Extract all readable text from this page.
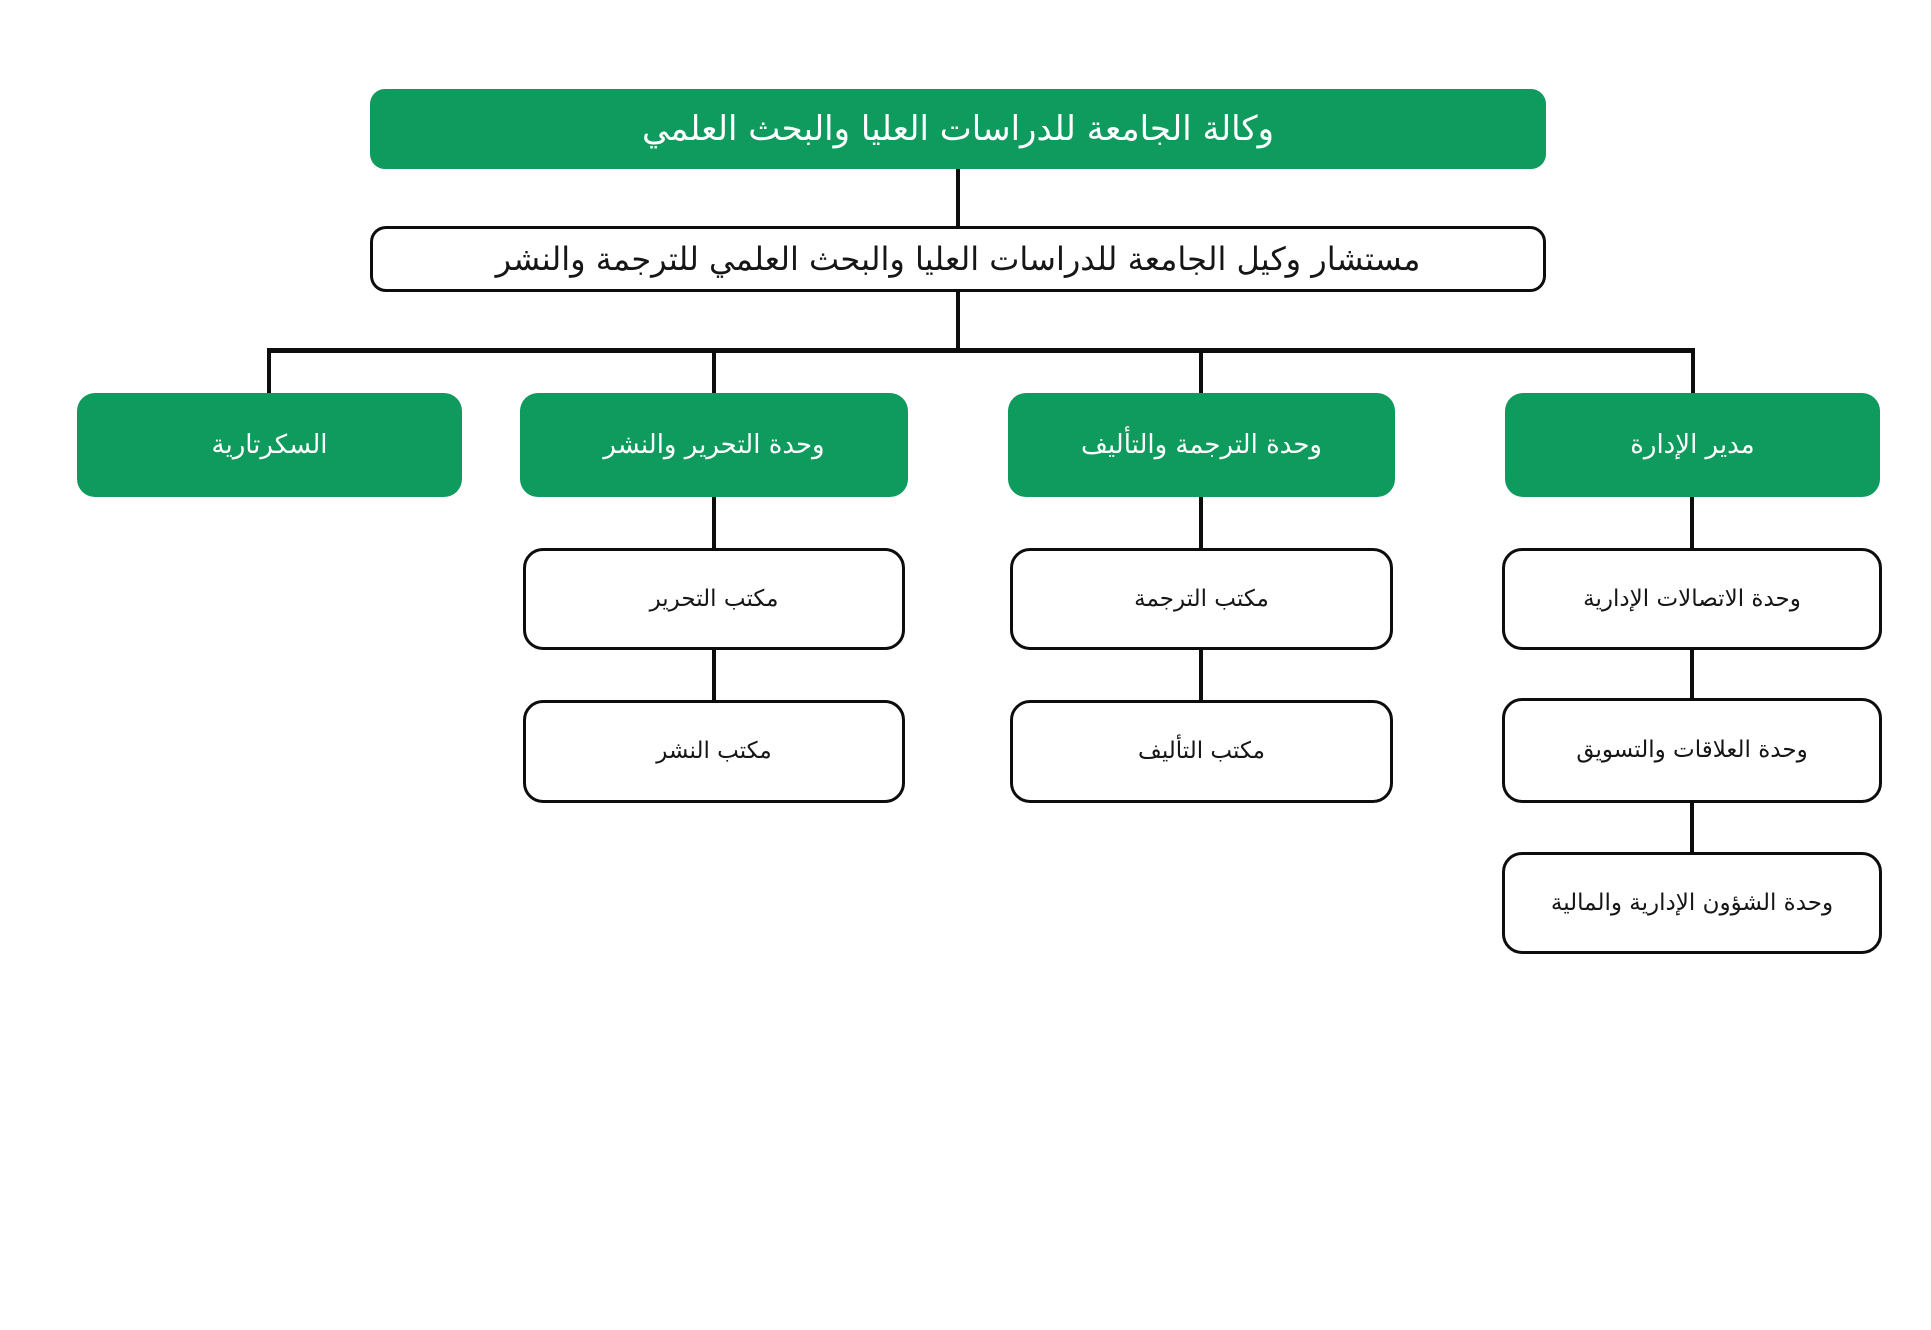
وكالة الجامعة للدراسات العليا والبحث العلمي
مستشار وكيل الجامعة للدراسات العليا والبحث العلمي للترجمة والنشر
السكرتارية	وحدة التحرير والنشر	وحدة الترجمة والتأليف	مدير الإدارة
مكتب التحرير
مكتب النشر
مكتب الترجمة
مكتب التأليف
وحدة الاتصالات الإدارية
وحدة العلاقات والتسويق
وحدة الشؤون الإدارية والمالية
